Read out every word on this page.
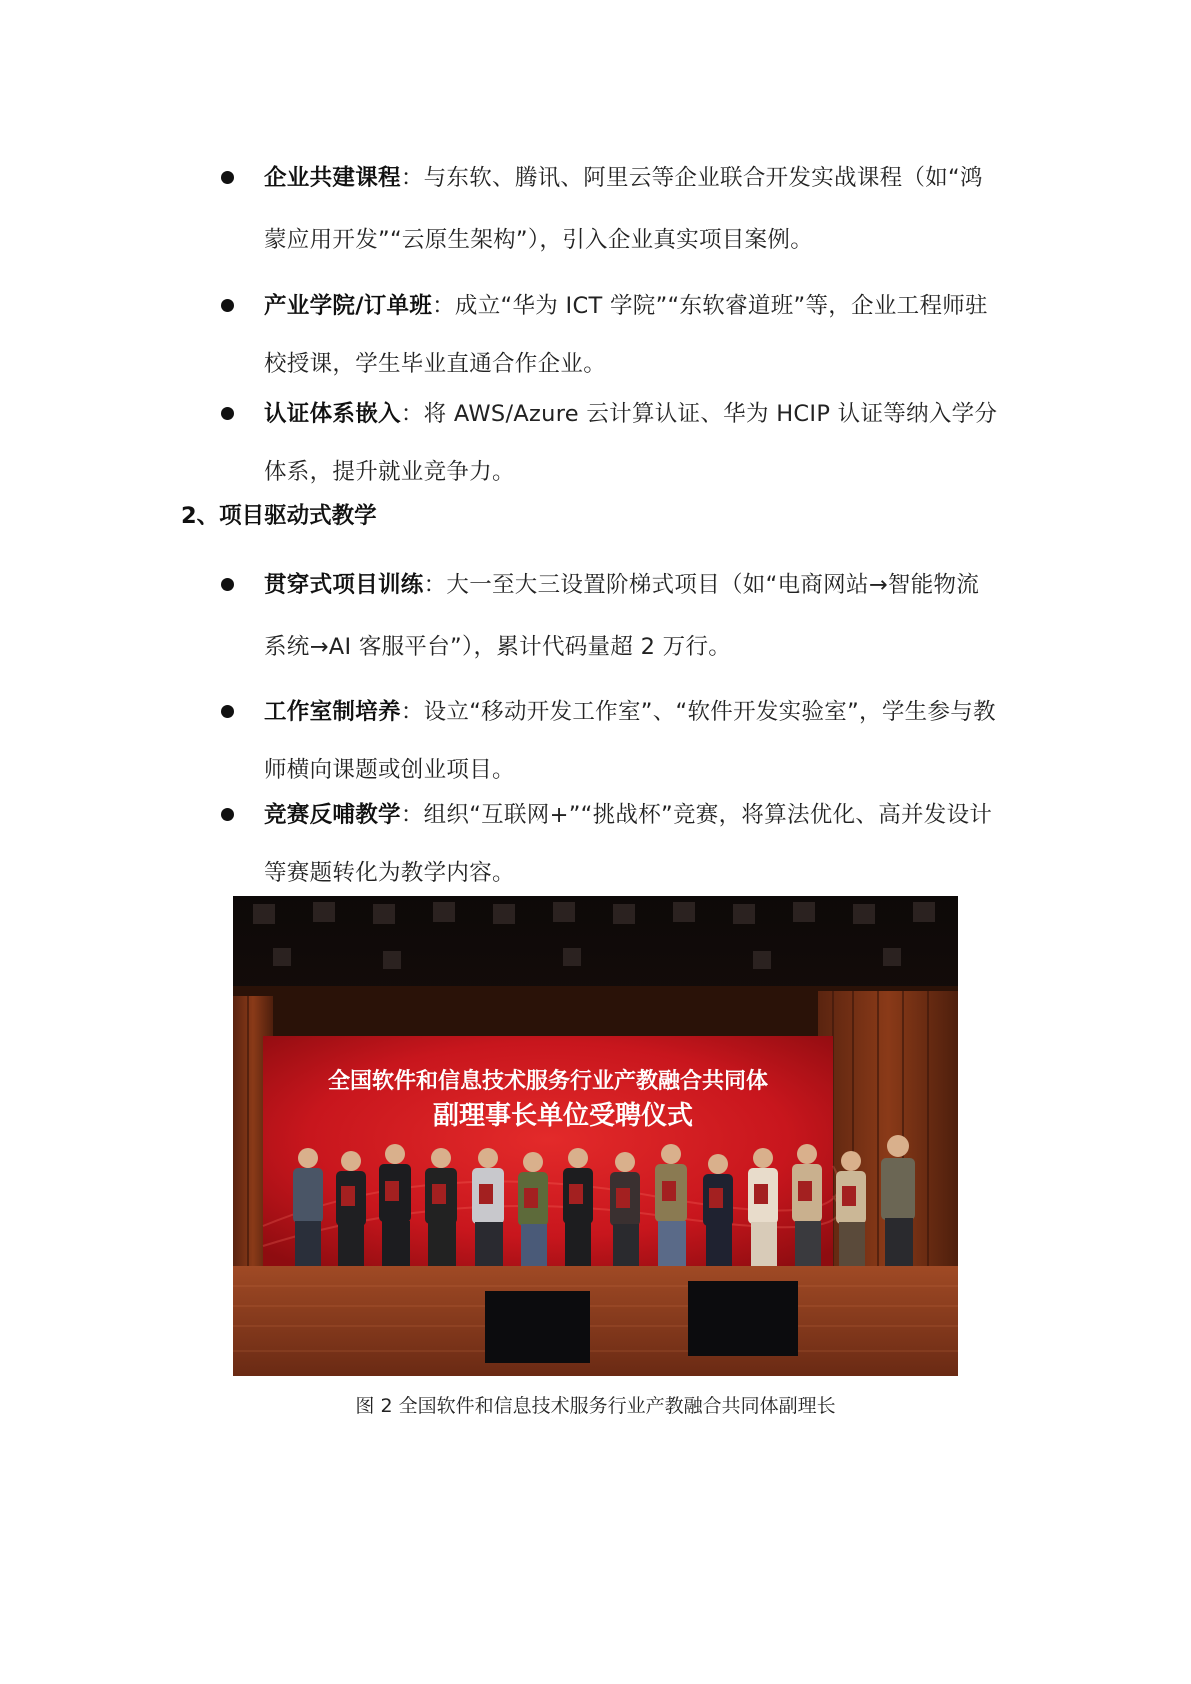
企业共建课程：与东软、腾讯、阿里云等企业联合开发实战课程（如“鸿
蒙应用开发”“云原生架构”），引入企业真实项目案例。
产业学院/订单班：成立“华为 ICT 学院”“东软睿道班”等，企业工程师驻
校授课，学生毕业直通合作企业。
认证体系嵌入：将 AWS/Azure 云计算认证、华为 HCIP 认证等纳入学分
体系，提升就业竞争力。
2、项目驱动式教学
贯穿式项目训练：大一至大三设置阶梯式项目（如“电商网站→智能物流
系统→AI 客服平台”），累计代码量超 2 万行。
工作室制培养：设立“移动开发工作室”、“软件开发实验室”，学生参与教
师横向课题或创业项目。
竞赛反哺教学：组织“互联网+”“挑战杯”竞赛，将算法优化、高并发设计
等赛题转化为教学内容。
全国软件和信息技术服务行业产教融合共同体
副理事长单位受聘仪式
图 2 全国软件和信息技术服务行业产教融合共同体副理长
